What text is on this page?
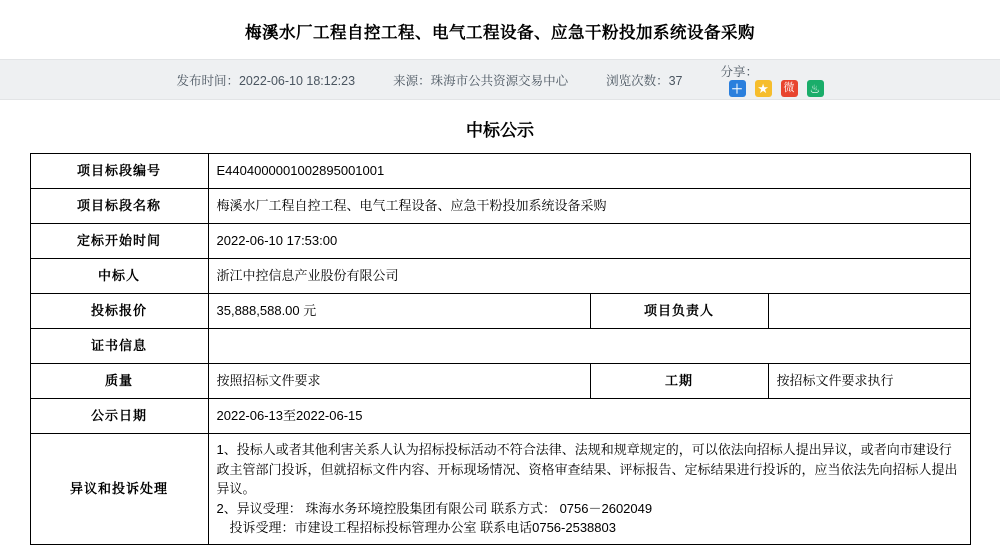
梅溪水厂工程自控工程、电气工程设备、应急干粉投加系统设备采购
发布时间：2022-06-10 18:12:23	来源：珠海市公共资源交易中心	浏览次数：37
分享：
＋ ★ 微 ♨
中标公示
项目标段编号	E4404000001002895001001		
项目标段名称	梅溪水厂工程自控工程、电气工程设备、应急干粉投加系统设备采购		
定标开始时间	2022-06-10 17:53:00		
中标人	浙江中控信息产业股份有限公司		
投标报价	35,888,588.00 元	项目负责人	
证书信息			
质量	按照招标文件要求	工期	按招标文件要求执行
公示日期	2022-06-13至2022-06-15		
异议和投诉处理	1、投标人或者其他利害关系人认为招标投标活动不符合法律、法规和规章规定的，可以依法向招标人提出异议，或者向市建设行政主管部门投诉，但就招标文件内容、开标现场情况、资格审查结果、评标报告、定标结果进行投诉的，应当依法先向招标人提出异议。

2、异议受理： 珠海水务环境控股集团有限公司 联系方式： 0756－2602049

投诉受理：市建设工程招标投标管理办公室 联系电话0756-2538803		
